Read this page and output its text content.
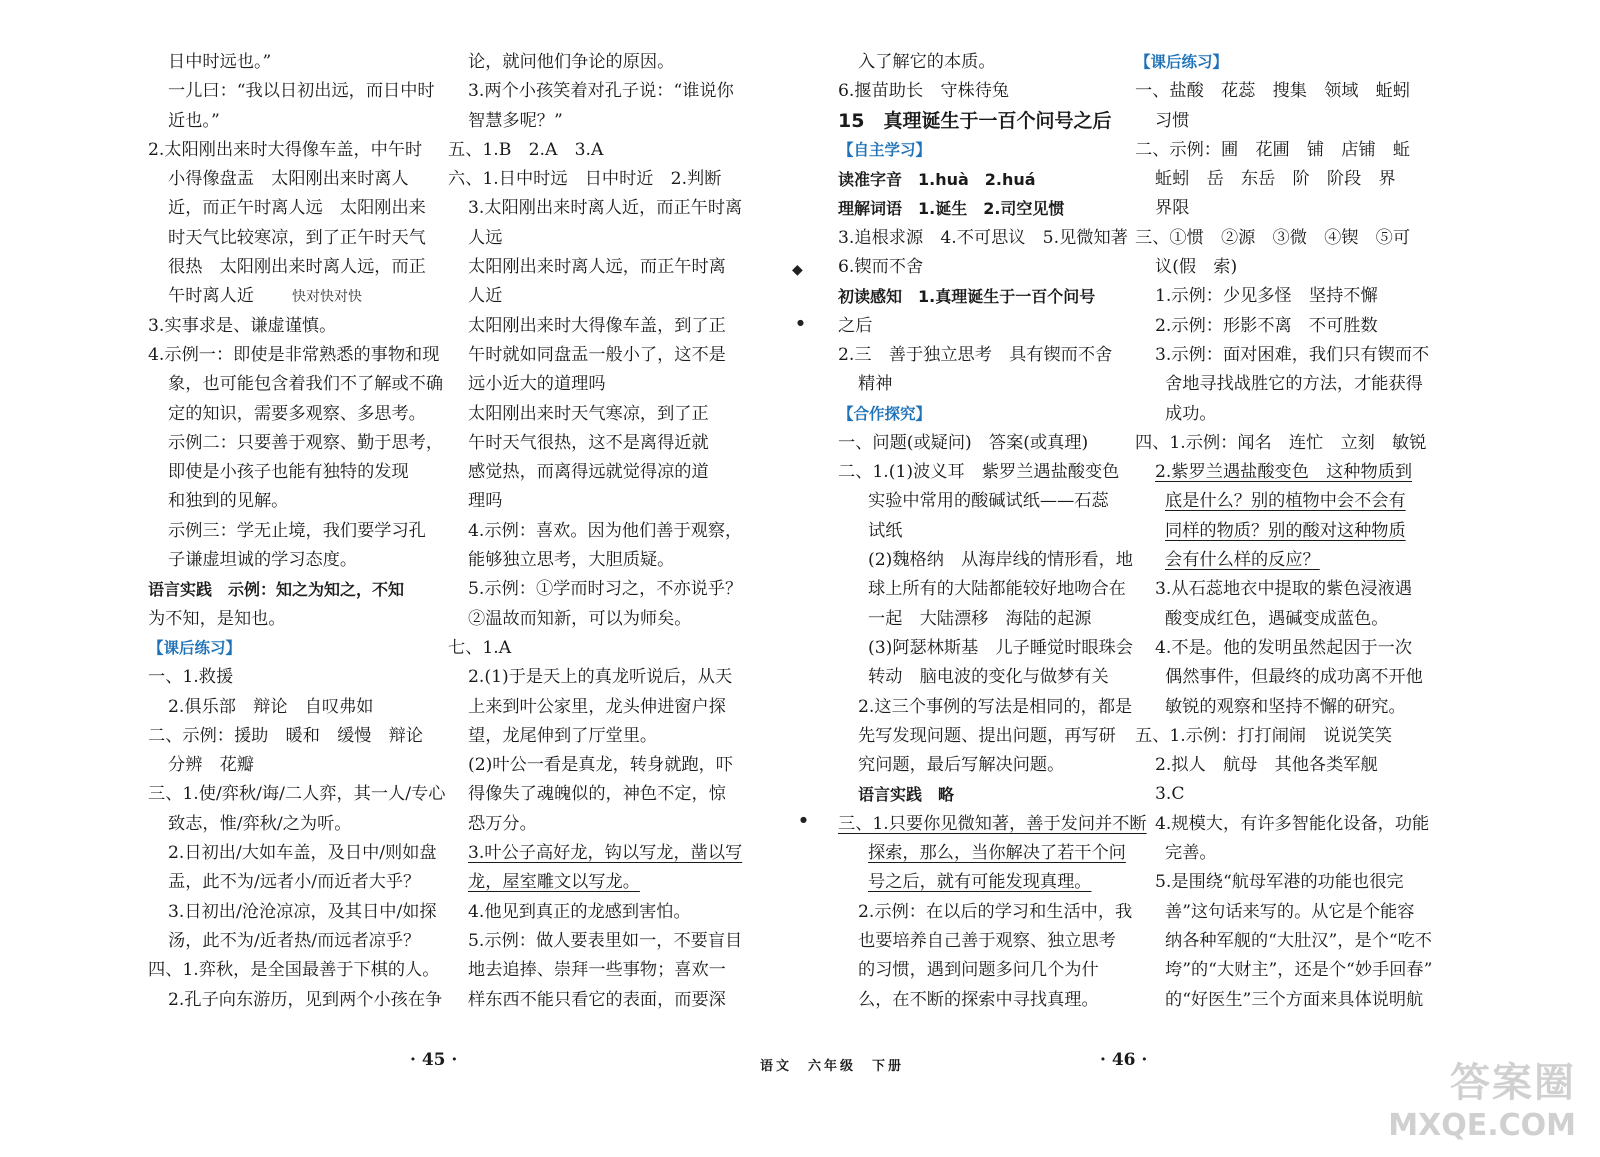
日中时远也。”
一儿曰：“我以日初出远，而日中时
近也。”
2.太阳刚出来时大得像车盖，中午时
小得像盘盂　太阳刚出来时离人
近，而正午时离人远　太阳刚出来
时天气比较寒凉，到了正午时天气
很热　太阳刚出来时离人远，而正
午时离人近	快对快对快
3.实事求是、谦虚谨慎。
4.示例一：即使是非常熟悉的事物和现
象，也可能包含着我们不了解或不确
定的知识，需要多观察、多思考。
示例二：只要善于观察、勤于思考，
即使是小孩子也能有独特的发现
和独到的见解。
示例三：学无止境，我们要学习孔
子谦虚坦诚的学习态度。
语言实践　示例：知之为知之，不知
为不知，是知也。
【课后练习】
一、1.救援
2.俱乐部　辩论　自叹弗如
二、示例：援助　暖和　缓慢　辩论
分辨　花瓣
三、1.使/弈秋/诲/二人弈，其一人/专心
致志，惟/弈秋/之为听。
2.日初出/大如车盖，及日中/则如盘
盂，此不为/远者小/而近者大乎？
3.日初出/沧沧凉凉，及其日中/如探
汤，此不为/近者热/而远者凉乎？
四、1.弈秋，是全国最善于下棋的人。
2.孔子向东游历，见到两个小孩在争
论，就问他们争论的原因。
3.两个小孩笑着对孔子说：“谁说你
智慧多呢？”
五、1.B　2.A　3.A
六、1.日中时远　日中时近　2.判断
3.太阳刚出来时离人近，而正午时离
人远
太阳刚出来时离人远，而正午时离
人近
太阳刚出来时大得像车盖，到了正
午时就如同盘盂一般小了，这不是
远小近大的道理吗
太阳刚出来时天气寒凉，到了正
午时天气很热，这不是离得近就
感觉热，而离得远就觉得凉的道
理吗
4.示例：喜欢。因为他们善于观察，
能够独立思考，大胆质疑。
5.示例：①学而时习之，不亦说乎？
②温故而知新，可以为师矣。
七、1.A
2.(1)于是天上的真龙听说后，从天
上来到叶公家里，龙头伸进窗户探
望，龙尾伸到了厅堂里。
(2)叶公一看是真龙，转身就跑，吓
得像失了魂魄似的，神色不定，惊
恐万分。
3.叶公子高好龙，钩以写龙，凿以写
龙，屋室雕文以写龙。
4.他见到真正的龙感到害怕。
5.示例：做人要表里如一，不要盲目
地去追捧、崇拜一些事物；喜欢一
样东西不能只看它的表面，而要深
入了解它的本质。
6.揠苗助长　守株待兔
15　真理诞生于一百个问号之后
【自主学习】
读准字音　1.huà　2.huá
理解词语　1.诞生　2.司空见惯
3.追根求源　4.不可思议　5.见微知著
6.锲而不舍
初读感知　1.真理诞生于一百个问号
之后
2.三　善于独立思考　具有锲而不舍
精神
【合作探究】
一、问题(或疑问)　答案(或真理)
二、1.(1)波义耳　紫罗兰遇盐酸变色
实验中常用的酸碱试纸——石蕊
试纸
(2)魏格纳　从海岸线的情形看，地
球上所有的大陆都能较好地吻合在
一起　大陆漂移　海陆的起源
(3)阿瑟林斯基　儿子睡觉时眼珠会
转动　脑电波的变化与做梦有关
2.这三个事例的写法是相同的，都是
先写发现问题、提出问题，再写研
究问题，最后写解决问题。
语言实践　略
三、1.只要你见微知著，善于发问并不断
探索，那么，当你解决了若干个问
号之后，就有可能发现真理。
2.示例：在以后的学习和生活中，我
也要培养自己善于观察、独立思考
的习惯，遇到问题多问几个为什
么，在不断的探索中寻找真理。
【课后练习】
一、盐酸　花蕊　搜集　领域　蚯蚓
习惯
二、示例：圃　花圃　铺　店铺　蚯
蚯蚓　岳　东岳　阶　阶段　界
界限
三、①惯　②源　③微　④锲　⑤可
议(假　索)
1.示例：少见多怪　坚持不懈
2.示例：形影不离　不可胜数
3.示例：面对困难，我们只有锲而不
舍地寻找战胜它的方法，才能获得
成功。
四、1.示例：闻名　连忙　立刻　敏锐
2.紫罗兰遇盐酸变色　这种物质到
底是什么？别的植物中会不会有
同样的物质？别的酸对这种物质
会有什么样的反应？
3.从石蕊地衣中提取的紫色浸液遇
酸变成红色，遇碱变成蓝色。
4.不是。他的发明虽然起因于一次
偶然事件，但最终的成功离不开他
敏锐的观察和坚持不懈的研究。
五、1.示例：打打闹闹　说说笑笑
2.拟人　航母　其他各类军舰
3.C
4.规模大，有许多智能化设备，功能
完善。
5.是围绕“航母军港的功能也很完
善”这句话来写的。从它是个能容
纳各种军舰的“大肚汉”，是个“吃不
垮”的“大财主”，还是个“妙手回春”
的“好医生”三个方面来具体说明航
◆
●
●
· 45 ·	语文　六年级　下册	· 46 ·	答案圈
MXQE.COM
